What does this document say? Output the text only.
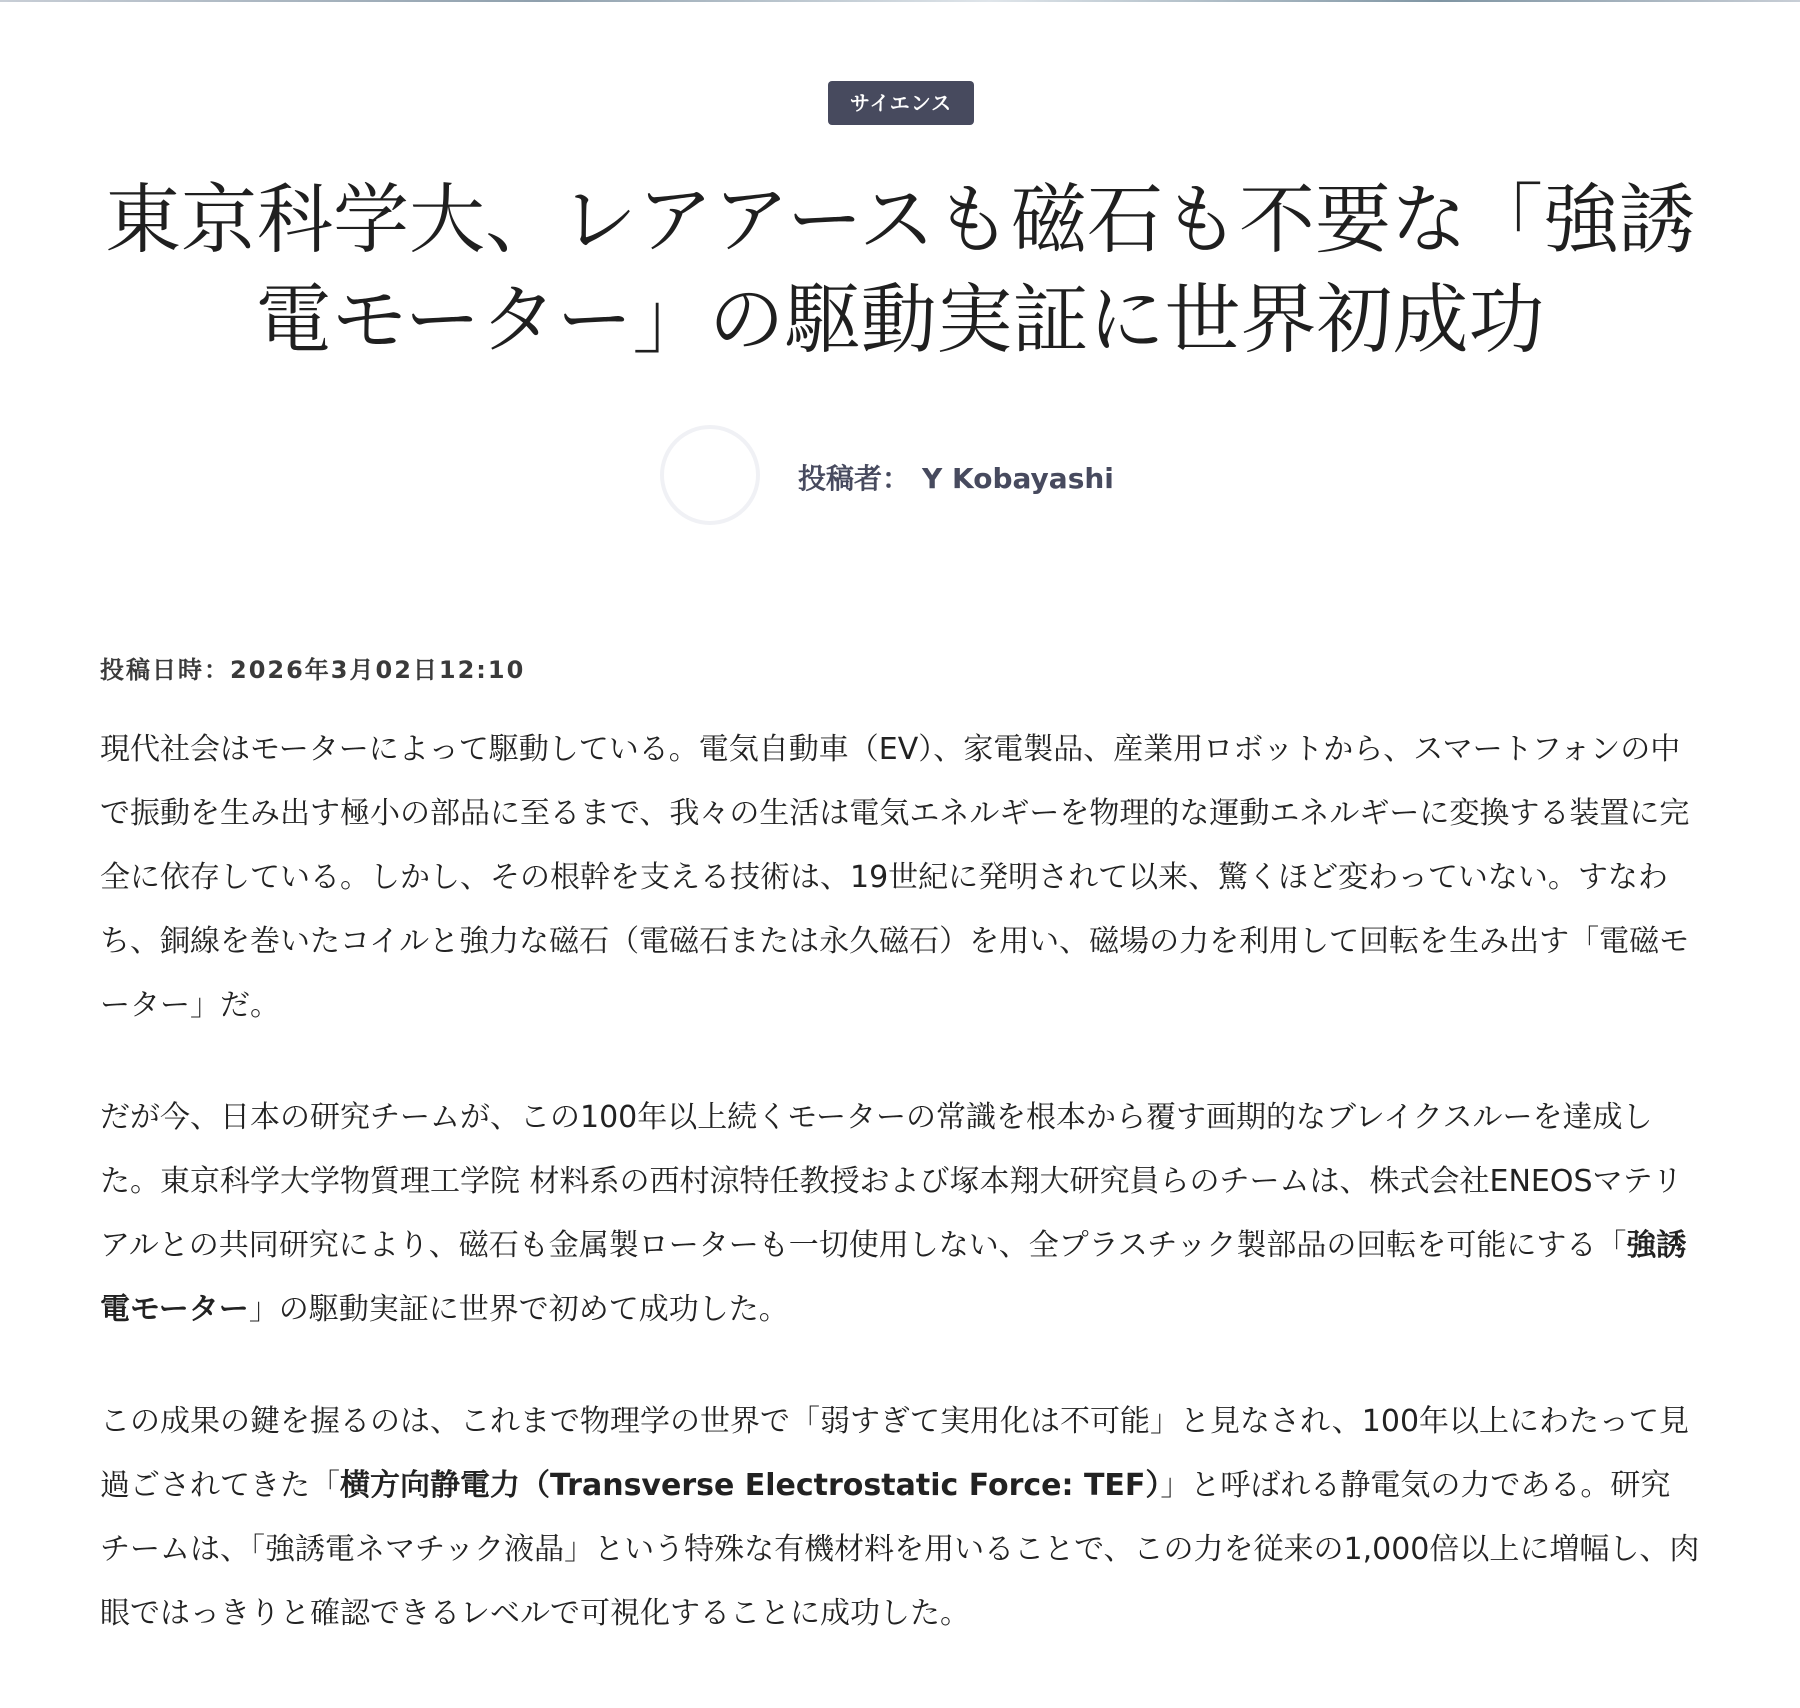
サイエンス
東京科学大、レアアースも磁石も不要な「強誘電モーター」の駆動実証に世界初成功
投稿者： Y Kobayashi
投稿日時：2026年3月02日12:10

現代社会はモーターによって駆動している。電気自動車（EV）、家電製品、産業用ロボットから、スマートフォンの中で振動を生み出す極小の部品に至るまで、我々の生活は電気エネルギーを物理的な運動エネルギーに変換する装置に完全に依存している。しかし、その根幹を支える技術は、19世紀に発明されて以来、驚くほど変わっていない。すなわち、銅線を巻いたコイルと強力な磁石（電磁石または永久磁石）を用い、磁場の力を利用して回転を生み出す「電磁モーター」だ。

だが今、日本の研究チームが、この100年以上続くモーターの常識を根本から覆す画期的なブレイクスルーを達成した。東京科学大学物質理工学院 材料系の西村涼特任教授および塚本翔大研究員らのチームは、株式会社ENEOSマテリアルとの共同研究により、磁石も金属製ローターも一切使用しない、全プラスチック製部品の回転を可能にする「強誘電モーター」の駆動実証に世界で初めて成功した。

この成果の鍵を握るのは、これまで物理学の世界で「弱すぎて実用化は不可能」と見なされ、100年以上にわたって見過ごされてきた「横方向静電力（Transverse Electrostatic Force: TEF）」と呼ばれる静電気の力である。研究チームは、「強誘電ネマチック液晶」という特殊な有機材料を用いることで、この力を従来の1,000倍以上に増幅し、肉眼ではっきりと確認できるレベルで可視化することに成功した。
